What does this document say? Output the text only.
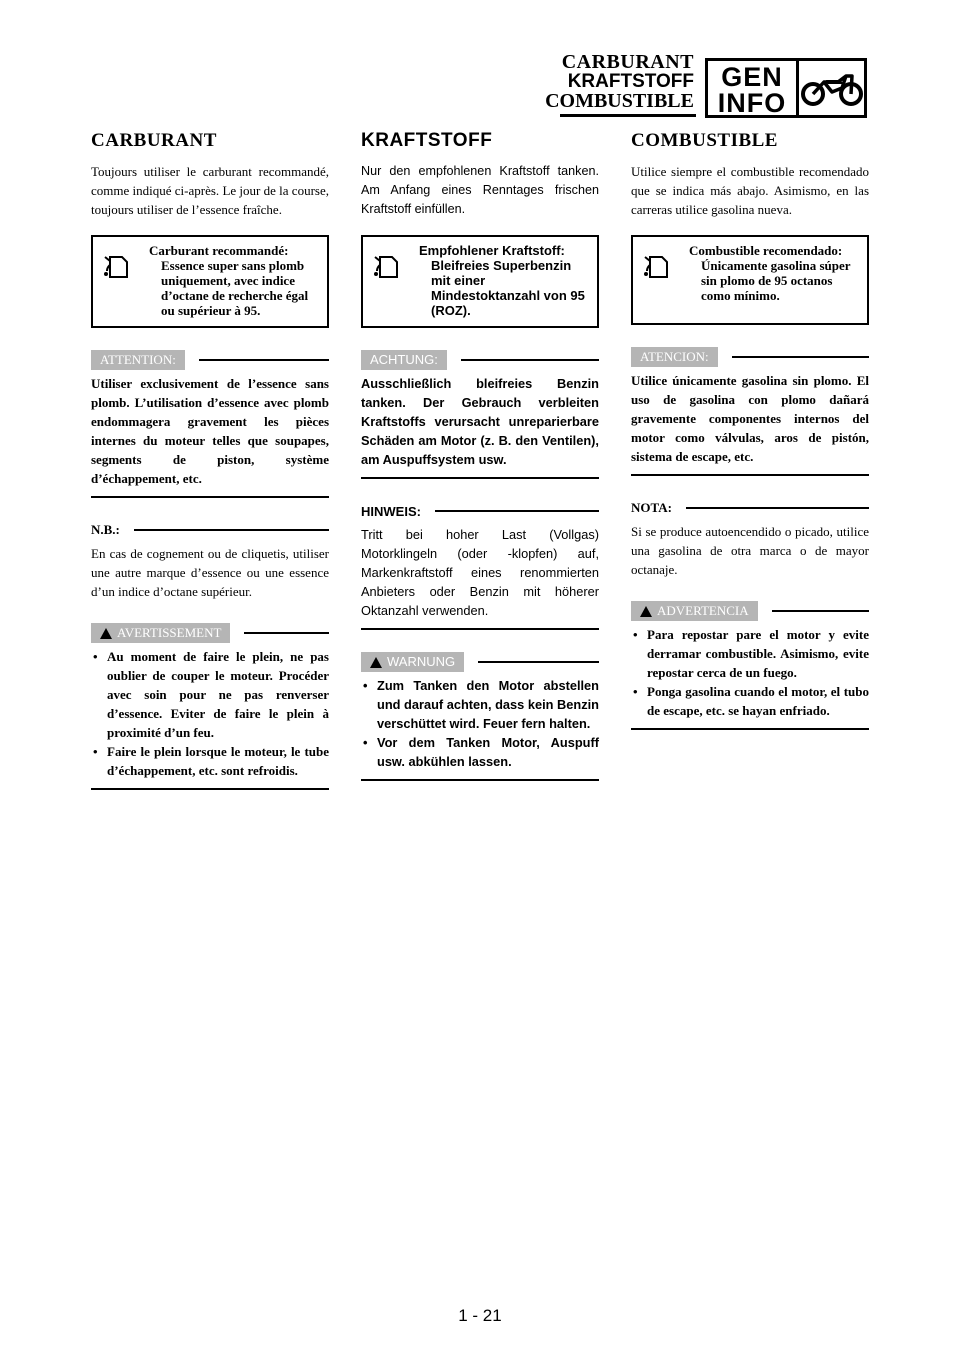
CARBURANT
KRAFTSTOFF
COMBUSTIBLE
GEN
INFO
CARBURANT

Toujours utiliser le carburant recommandé, comme indiqué ci-après. Le jour de la course, toujours utiliser de l’essence fraîche.

Carburant recommandé:
Essence super sans plomb uniquement, avec indice d’octane de recherche égal ou supérieur à 95.
ATTENTION:
Utiliser exclusivement de l’essence sans plomb. L’utilisation d’essence avec plomb endommagera gravement les pièces internes du moteur telles que soupapes, segments de piston, système d’échappement, etc.
N.B.:
En cas de cognement ou de cliquetis, utiliser une autre marque d’essence ou une essence d’un indice d’octane supérieur.
AVERTISSEMENT
• Au moment de faire le plein, ne pas oublier de couper le moteur. Procéder avec soin pour ne pas renverser d’essence. Eviter de faire le plein à proximité d’un feu.
• Faire le plein lorsque le moteur, le tube d’échappement, etc. sont refroidis.
KRAFTSTOFF

Nur den empfohlenen Kraftstoff tanken. Am Anfang eines Renntages frischen Kraftstoff einfüllen.

Empfohlener Kraftstoff:
Bleifreies Superbenzin mit einer Mindestoktanzahl von 95 (ROZ).
ACHTUNG:
Ausschließlich bleifreies Benzin tanken. Der Gebrauch verbleiten Kraftstoffs verursacht unreparierbare Schäden am Motor (z. B. den Ventilen), am Auspuffsystem usw.
HINWEIS:
Tritt bei hoher Last (Vollgas) Motorklingeln (oder -klopfen) auf, Markenkraftstoff eines renommierten Anbieters oder Benzin mit höherer Oktanzahl verwenden.
WARNUNG
• Zum Tanken den Motor abstellen und darauf achten, dass kein Benzin verschüttet wird. Feuer fern halten.
• Vor dem Tanken Motor, Auspuff usw. abkühlen lassen.
COMBUSTIBLE

Utilice siempre el combustible recomendado que se indica más abajo. Asimismo, en las carreras utilice gasolina nueva.

Combustible recomendado:
Únicamente gasolina súper sin plomo de 95 octanos como mínimo.
ATENCION:
Utilice únicamente gasolina sin plomo. El uso de gasolina con plomo dañará gravemente componentes internos del motor como válvulas, aros de pistón, sistema de escape, etc.
NOTA:
Si se produce autoencendido o picado, utilice una gasolina de otra marca o de mayor octanaje.
ADVERTENCIA
• Para repostar pare el motor y evite derramar combustible. Asimismo, evite repostar cerca de un fuego.
• Ponga gasolina cuando el motor, el tubo de escape, etc. se hayan enfriado.
1 - 21
